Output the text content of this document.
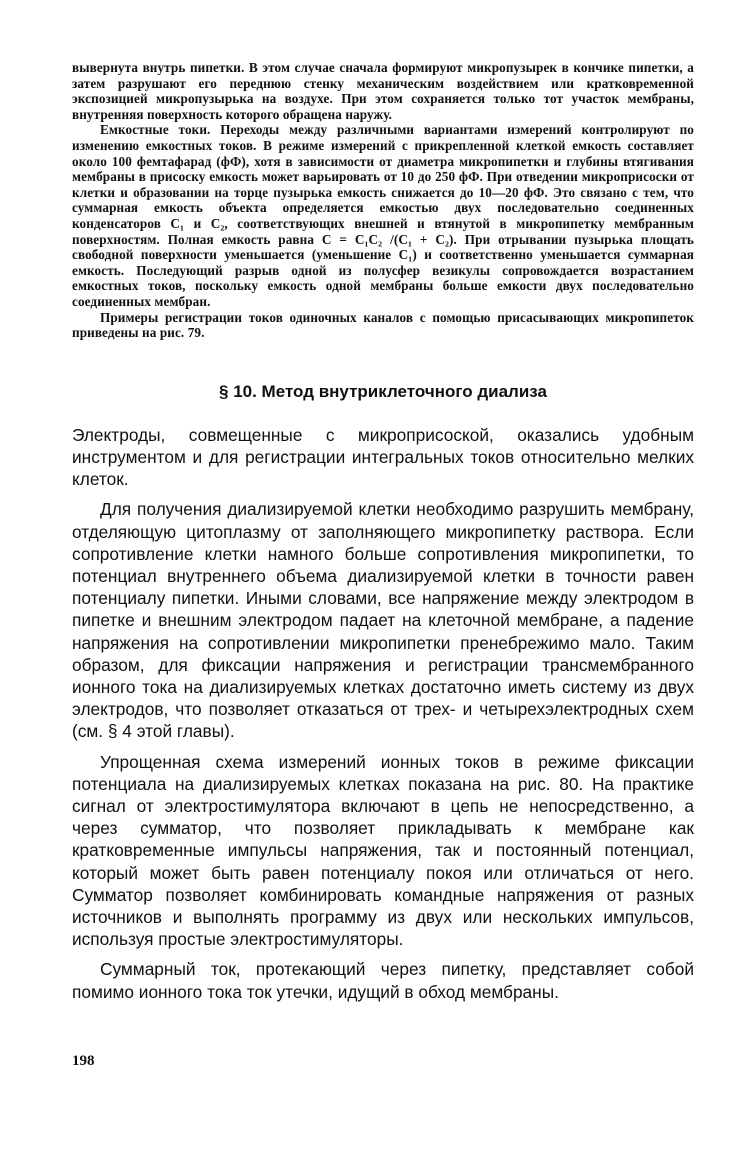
вывернута внутрь пипетки. В этом случае сначала формируют микропузырек в кончике пипетки, а затем разрушают его переднюю стенку механическим воздействием или кратковременной экспозицией микропузырька на воздухе. При этом сохраняется только тот участок мембраны, внутренняя поверхность которого обращена наружу.

Емкостные токи. Переходы между различными вариантами измерений контролируют по изменению емкостных токов. В режиме измерений с прикрепленной клеткой емкость составляет около 100 фемтафарад (фФ), хотя в зависимости от диаметра микропипетки и глубины втягивания мембраны в присоску емкость может варьировать от 10 до 250 фФ. При отведении микроприсоски от клетки и образовании на торце пузырька емкость снижается до 10—20 фФ. Это связано с тем, что суммарная емкость объекта определяется емкостью двух последовательно соединенных конденсаторов C₁ и C₂, соответствующих внешней и втянутой в микропипетку мембранным поверхностям. Полная емкость равна C = C₁C₂ /(C₁ + C₂). При отрывании пузырька площать свободной поверхности уменьшается (уменьшение C₁) и соответственно уменьшается суммарная емкость. Последующий разрыв одной из полусфер везикулы сопровождается возрастанием емкостных токов, поскольку емкость одной мембраны больше емкости двух последовательно соединенных мембран.

Примеры регистрации токов одиночных каналов с помощью присасывающих микропипеток приведены на рис. 79.

§ 10. Метод внутриклеточного диализа

Электроды, совмещенные с микроприсоской, оказались удобным инструментом и для регистрации интегральных токов относительно мелких клеток.

Для получения диализируемой клетки необходимо разрушить мембрану, отделяющую цитоплазму от заполняющего микропипетку раствора. Если сопротивление клетки намного больше сопротивления микропипетки, то потенциал внутреннего объема диализируемой клетки в точности равен потенциалу пипетки. Иными словами, все напряжение между электродом в пипетке и внешним электродом падает на клеточной мембране, а падение напряжения на сопротивлении микропипетки пренебрежимо мало. Таким образом, для фиксации напряжения и регистрации трансмембранного ионного тока на диализируемых клетках достаточно иметь систему из двух электродов, что позволяет отказаться от трех- и четырехэлектродных схем (см. § 4 этой главы).

Упрощенная схема измерений ионных токов в режиме фиксации потенциала на диализируемых клетках показана на рис. 80. На практике сигнал от электростимулятора включают в цепь не непосредственно, а через сумматор, что позволяет прикладывать к мембране как кратковременные импульсы напряжения, так и постоянный потенциал, который может быть равен потенциалу покоя или отличаться от него. Сумматор позволяет комбинировать командные напряжения от разных источников и выполнять программу из двух или нескольких импульсов, используя простые электростимуляторы.

Суммарный ток, протекающий через пипетку, представляет собой помимо ионного тока ток утечки, идущий в обход мембраны.

198
